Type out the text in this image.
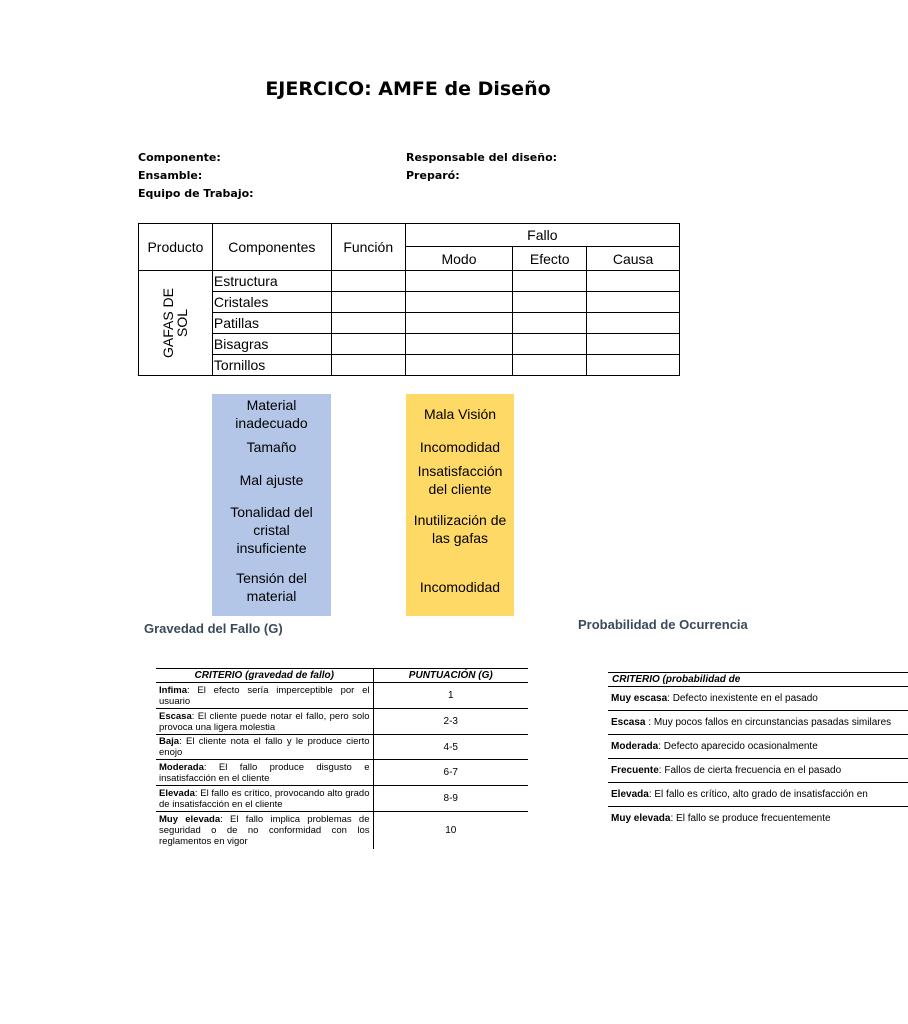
EJERCICO: AMFE de Diseño
Componente:
Ensamble:
Equipo de Trabajo:
Responsable del diseño:
Preparó:
Producto	Componentes	Función	Fallo		
			Modo	Efecto	Causa

GAFAS DE SOL	Estructura				
	Cristales				
	Patillas				
	Bisagras				
	Tornillos				
Material inadecuado
Tamaño
Mal ajuste
Tonalidad del cristal insuficiente
Tensión del material
Mala Visión
Incomodidad
Insatisfacción del cliente
Inutilización de las gafas
Incomodidad
Gravedad del Fallo (G)	Probabilidad de Ocurrencia
CRITERIO (gravedad de fallo)	PUNTUACIÓN (G)
Infima: El efecto sería imperceptible por el usuario	1
Escasa: El cliente puede notar el fallo, pero solo provoca una ligera molestia	2-3
Baja: El cliente nota el fallo y le produce cierto enojo	4-5
Moderada: El fallo produce disgusto e insatisfacción en el cliente	6-7
Elevada: El fallo es crítico, provocando alto grado de insatisfacción en el cliente	8-9
Muy elevada: El fallo implica problemas de seguridad o de no conformidad con los reglamentos en vigor	10
CRITERIO (probabilidad de
Muy escasa: Defecto inexistente en el pasado
Escasa : Muy pocos fallos en circunstancias pasadas similares
Moderada: Defecto aparecido ocasionalmente
Frecuente: Fallos de cierta frecuencia en el pasado
Elevada: El fallo es crítico, alto grado de insatisfacción en
Muy elevada: El fallo se produce frecuentemente
